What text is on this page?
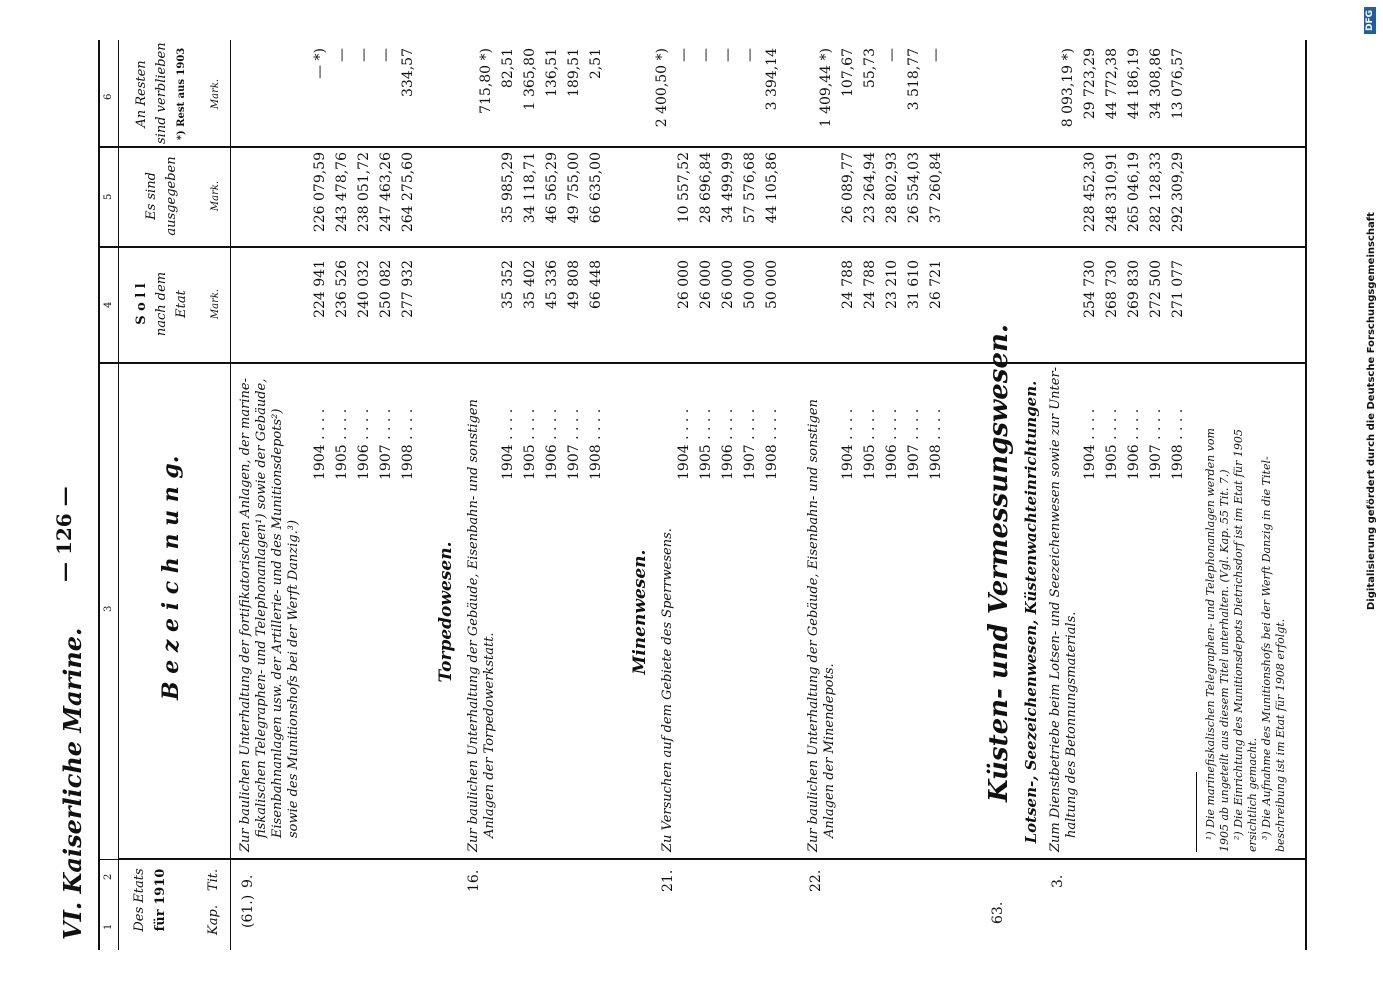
VI. Kaiserliche Marine.
— 126 —
1
2
3
4
5
6
Des Etats für 1910	Kap.
Tit.
B e z e i c h n u n g.
S o l l nach dem Etat Mark.
Es sind ausgegeben	Mark.
An Resten sind verblieben *) Rest aus 1903 Mark.
(61.)
9.
Zur baulichen Unterhaltung der fortifikatorischen Anlagen, der marine- fiskalischen Telegraphen- und Telephonanlagen¹) sowie der Gebäude, Eisenbahnanlagen usw. der Artillerie- und des Munitionsdepots²) sowie des Munitionshofs bei der Werft Danzig.³)
1904 . . . . 1905 . . . . 1906 . . . . 1907 . . . . 1908 . . . .
224 941 236 526 240 032 250 082 277 932
226 079,59 243 478,76 238 051,72 247 463,26 264 275,60
— *) — — — 334,57
Torpedowesen.
16.
Zur baulichen Unterhaltung der Gebäude, Eisenbahn- und sonstigen Anlagen der Torpedowerkstatt.
1904 . . . . 1905 . . . . 1906 . . . . 1907 . . . . 1908 . . . .
35 352 35 402 45 336 49 808 66 448
35 985,29 34 118,71 46 565,29 49 755,00 66 635,00
715,80 *) 82,51 1 365,80 136,51 189,51 2,51
Minenwesen.
21.
Zu Versuchen auf dem Gebiete des Sperrwesens.
1904 . . . . 1905 . . . . 1906 . . . . 1907 . . . . 1908 . . . .
26 000 26 000 26 000 50 000 50 000
10 557,52 28 696,84 34 499,99 57 576,68 44 105,86
2 400,50 *) — — — — 3 394,14
22.
Zur baulichen Unterhaltung der Gebäude, Eisenbahn- und sonstigen Anlagen der Minendepots.
1904 . . . . 1905 . . . . 1906 . . . . 1907 . . . . 1908 . . . .
24 788 24 788 23 210 31 610 26 721
26 089,77 23 264,94 28 802,93 26 554,03 37 260,84
1 409,44 *) 107,67 55,73 — 3 518,77 —
63.
Küsten- und Vermessungswesen. Lotsen-, Seezeichenwesen, Küstenwachteinrichtungen.
3.
Zum Dienstbetriebe beim Lotsen- und Seezeichenwesen sowie zur Unter- haltung des Betonnungsmaterials.
1904 . . . . 1905 . . . . 1906 . . . . 1907 . . . . 1908 . . . .
254 730 268 730 269 830 272 500 271 077
228 452,30 248 310,91 265 046,19 282 128,33 292 309,29
8 093,19 *) 29 723,29 44 772,38 44 186,19 34 308,86 13 076,57
¹) Die marinefiskalischen Telegraphen- und Telephonanlagen werden vom 1905 ab ungeteilt aus diesem Titel unterhalten. (Vgl. Kap. 55 Tit. 7.) ²) Die Einrichtung des Munitionsdepots Dietrichsdorf ist im Etat für 1905 ersichtlich gemacht. ³) Die Aufnahme des Munitionshofs bei der Werft Danzig in die Titel- beschreibung ist im Etat für 1908 erfolgt.
Digitalisierung gefördert durch die Deutsche Forschungsgemeinschaft
DFG
